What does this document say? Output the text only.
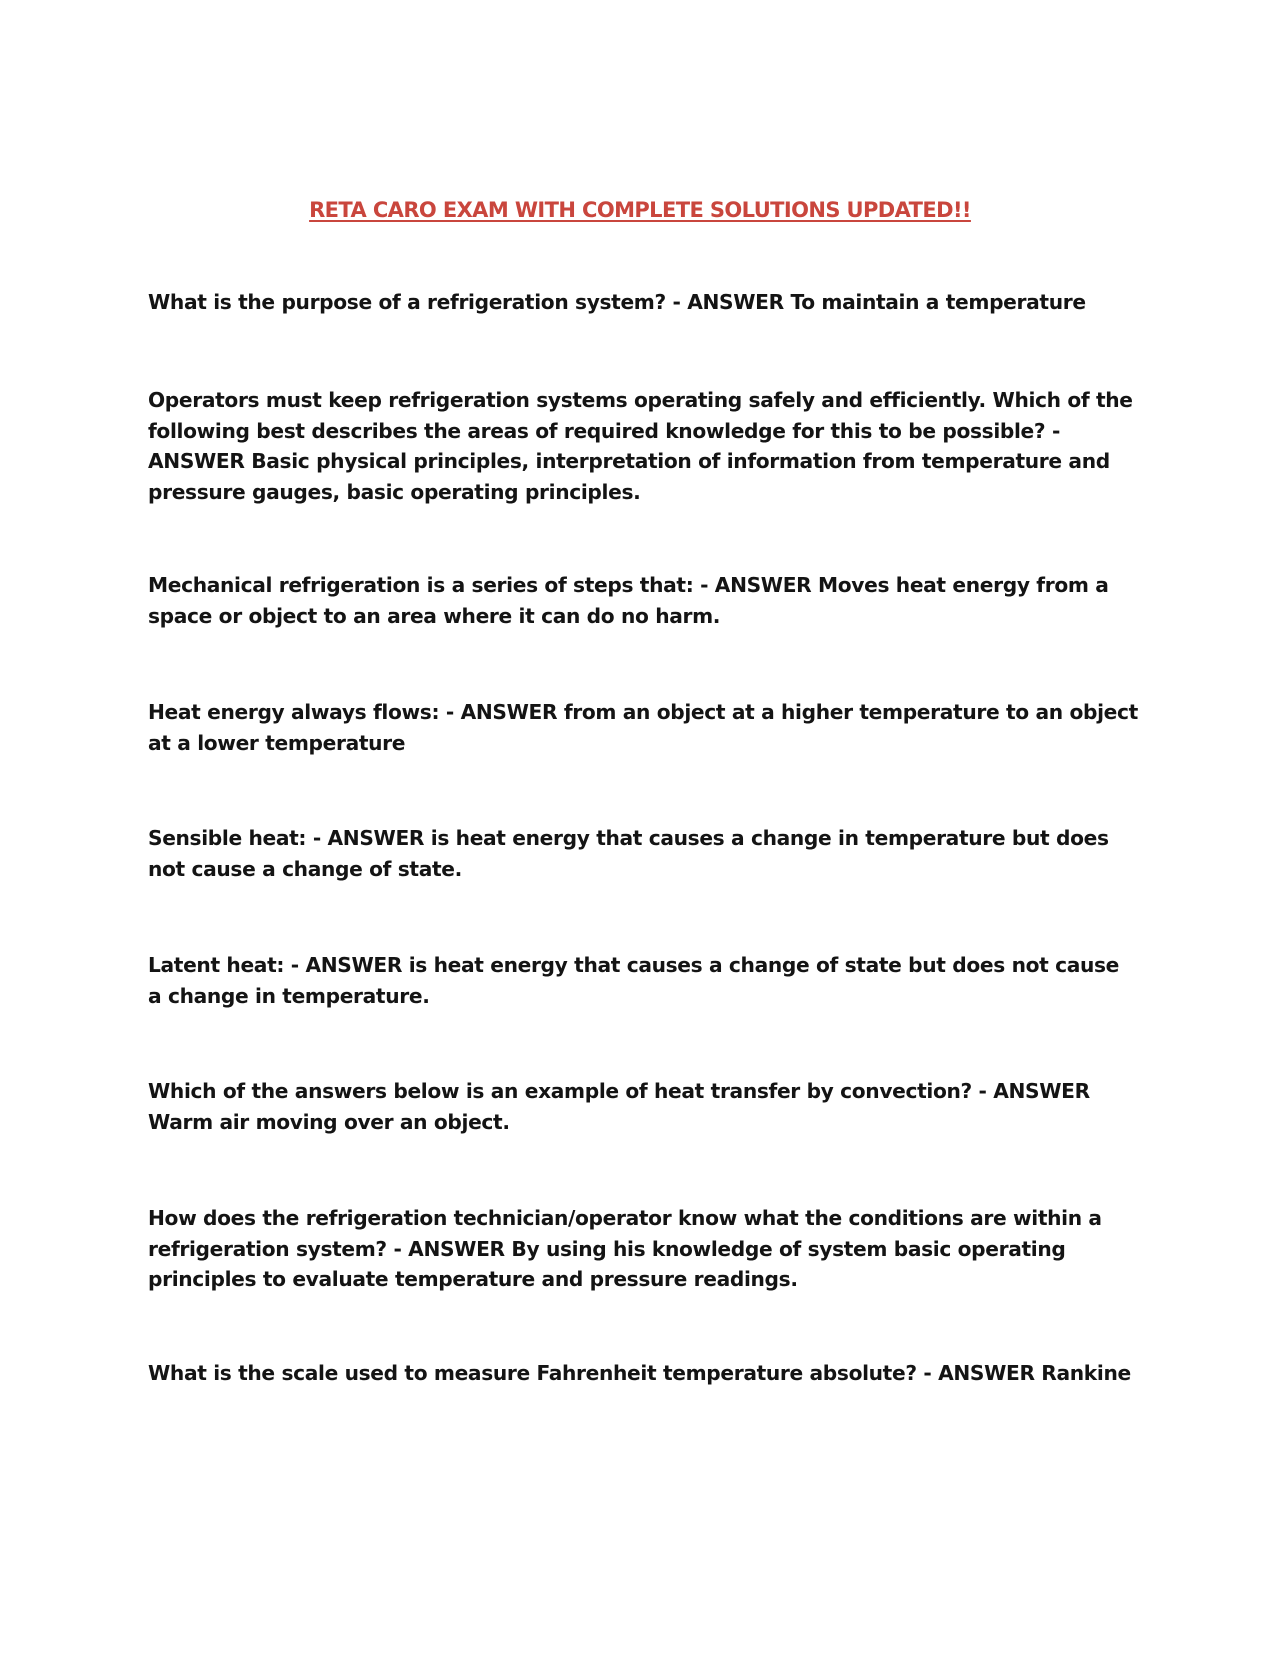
RETA CARO EXAM WITH COMPLETE SOLUTIONS UPDATED!!

What is the purpose of a refrigeration system? - ANSWER To maintain a temperature

Operators must keep refrigeration systems operating safely and efficiently. Which of the following best describes the areas of required knowledge for this to be possible? - ANSWER Basic physical principles, interpretation of information from temperature and pressure gauges, basic operating principles.

Mechanical refrigeration is a series of steps that: - ANSWER Moves heat energy from a space or object to an area where it can do no harm.

Heat energy always flows: - ANSWER from an object at a higher temperature to an object at a lower temperature

Sensible heat: - ANSWER is heat energy that causes a change in temperature but does not cause a change of state.

Latent heat: - ANSWER is heat energy that causes a change of state but does not cause a change in temperature.

Which of the answers below is an example of heat transfer by convection? - ANSWER Warm air moving over an object.

How does the refrigeration technician/operator know what the conditions are within a refrigeration system? - ANSWER By using his knowledge of system basic operating principles to evaluate temperature and pressure readings.

What is the scale used to measure Fahrenheit temperature absolute? - ANSWER Rankine
